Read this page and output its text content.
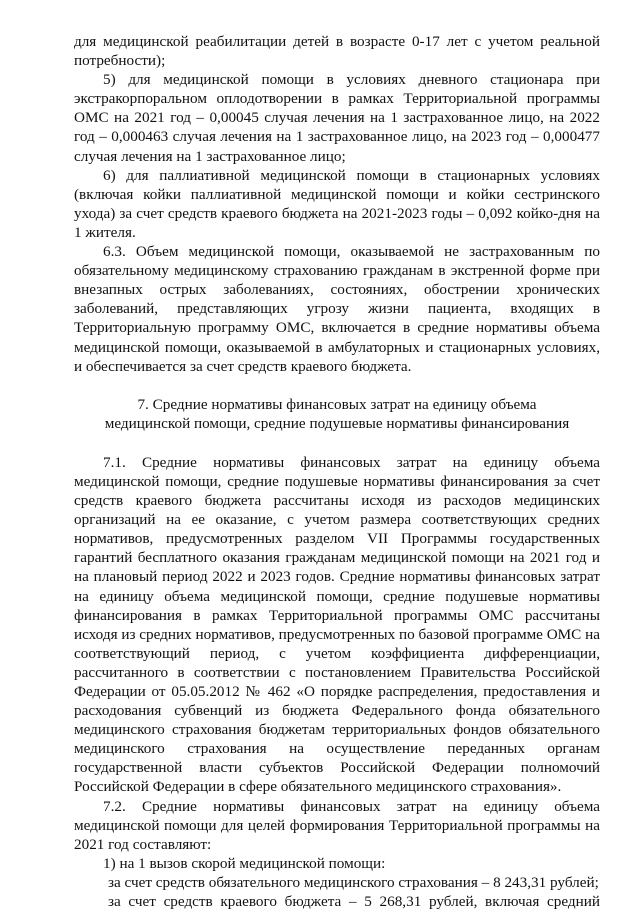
для медицинской реабилитации детей в возрасте 0-17 лет с учетом реальной потребности);

5) для медицинской помощи в условиях дневного стационара при экстракорпоральном оплодотворении в рамках Территориальной программы ОМС на 2021 год – 0,00045 случая лечения на 1 застрахованное лицо, на 2022 год – 0,000463 случая лечения на 1 застрахованное лицо, на 2023 год – 0,000477 случая лечения на 1 застрахованное лицо;

6) для паллиативной медицинской помощи в стационарных условиях (включая койки паллиативной медицинской помощи и койки сестринского ухода) за счет средств краевого бюджета на 2021-2023 годы – 0,092 койко-дня на 1 жителя.

6.3. Объем медицинской помощи, оказываемой не застрахованным по обязательному медицинскому страхованию гражданам в экстренной форме при внезапных острых заболеваниях, состояниях, обострении хронических заболеваний, представляющих угрозу жизни пациента, входящих в Территориальную программу ОМС, включается в средние нормативы объема медицинской помощи, оказываемой в амбулаторных и стационарных условиях, и обеспечивается за счет средств краевого бюджета.

7. Средние нормативы финансовых затрат на единицу объема

медицинской помощи, средние подушевые нормативы финансирования

7.1. Средние нормативы финансовых затрат на единицу объема медицинской помощи, средние подушевые нормативы финансирования за счет средств краевого бюджета рассчитаны исходя из расходов медицинских организаций на ее оказание, с учетом размера соответствующих средних нормативов, предусмотренных разделом VII Программы государственных гарантий бесплатного оказания гражданам медицинской помощи на 2021 год и на плановый период 2022 и 2023 годов. Средние нормативы финансовых затрат на единицу объема медицинской помощи, средние подушевые нормативы финансирования в рамках Территориальной программы ОМС рассчитаны исходя из средних нормативов, предусмотренных по базовой программе ОМС на соответствующий период, с учетом коэффициента дифференциации, рассчитанного в соответствии с постановлением Правительства Российской Федерации от 05.05.2012 № 462 «О порядке распределения, предоставления и расходования субвенций из бюджета Федерального фонда обязательного медицинского страхования бюджетам территориальных фондов обязательного медицинского страхования на осуществление переданных органам государственной власти субъектов Российской Федерации полномочий Российской Федерации в сфере обязательного медицинского страхования».

7.2. Средние нормативы финансовых затрат на единицу объема медицинской помощи для целей формирования Территориальной программы на 2021 год составляют:

1) на 1 вызов скорой медицинской помощи:

за счет средств обязательного медицинского страхования – 8 243,31 рублей;

за счет средств краевого бюджета – 5 268,31 рублей, включая средний
